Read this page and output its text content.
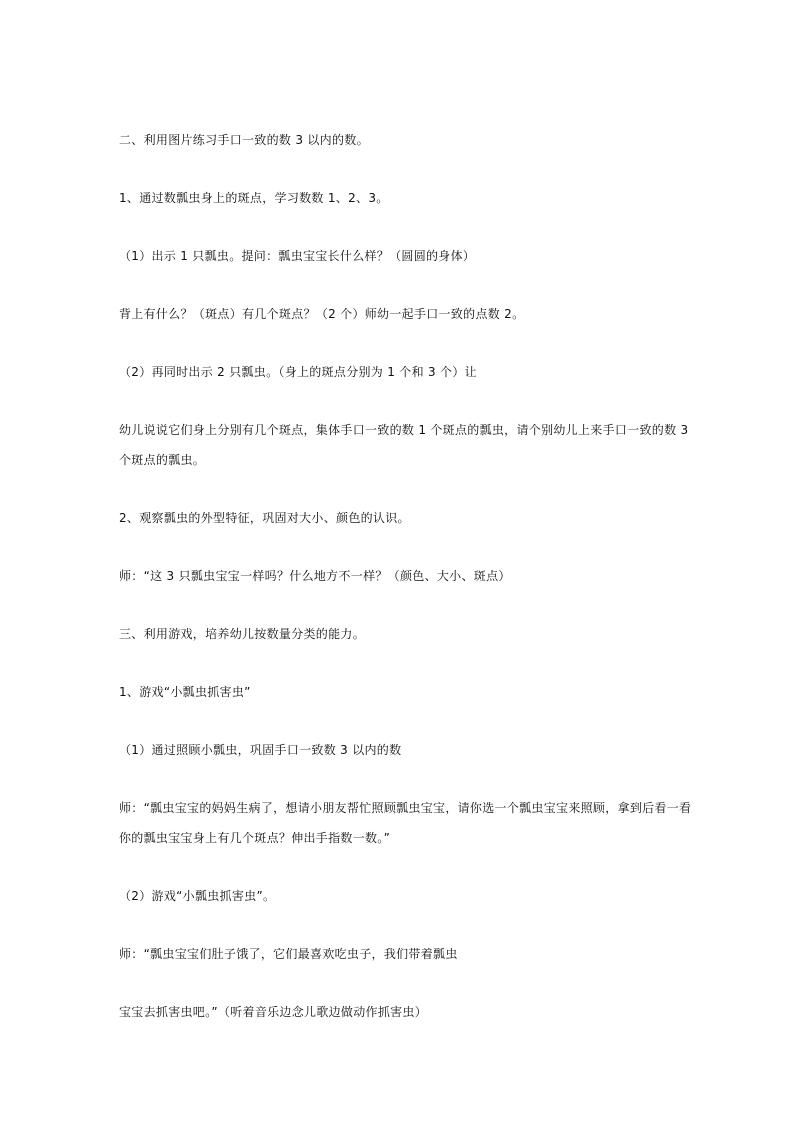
二、利用图片练习手口一致的数 3 以内的数。
1、通过数瓢虫身上的斑点，学习数数 1、2、3。
（1）出示 1 只瓢虫。提问：瓢虫宝宝长什么样？（圆圆的身体）
背上有什么？（斑点）有几个斑点？（2 个）师幼一起手口一致的点数 2。
（2）再同时出示 2 只瓢虫。（身上的斑点分别为 1 个和 3 个）让
幼儿说说它们身上分别有几个斑点，集体手口一致的数 1 个斑点的瓢虫，请个别幼儿上来手口一致的数 3
个斑点的瓢虫。
2、观察瓢虫的外型特征，巩固对大小、颜色的认识。
师：“这 3 只瓢虫宝宝一样吗？什么地方不一样？（颜色、大小、斑点）
三、利用游戏，培养幼儿按数量分类的能力。
1、游戏“小瓢虫抓害虫”
（1）通过照顾小瓢虫，巩固手口一致数 3 以内的数
师：“瓢虫宝宝的妈妈生病了，想请小朋友帮忙照顾瓢虫宝宝，请你选一个瓢虫宝宝来照顾，拿到后看一看
你的瓢虫宝宝身上有几个斑点？伸出手指数一数。”
（2）游戏“小瓢虫抓害虫”。
师：“瓢虫宝宝们肚子饿了，它们最喜欢吃虫子，我们带着瓢虫
宝宝去抓害虫吧。”（听着音乐边念儿歌边做动作抓害虫）
